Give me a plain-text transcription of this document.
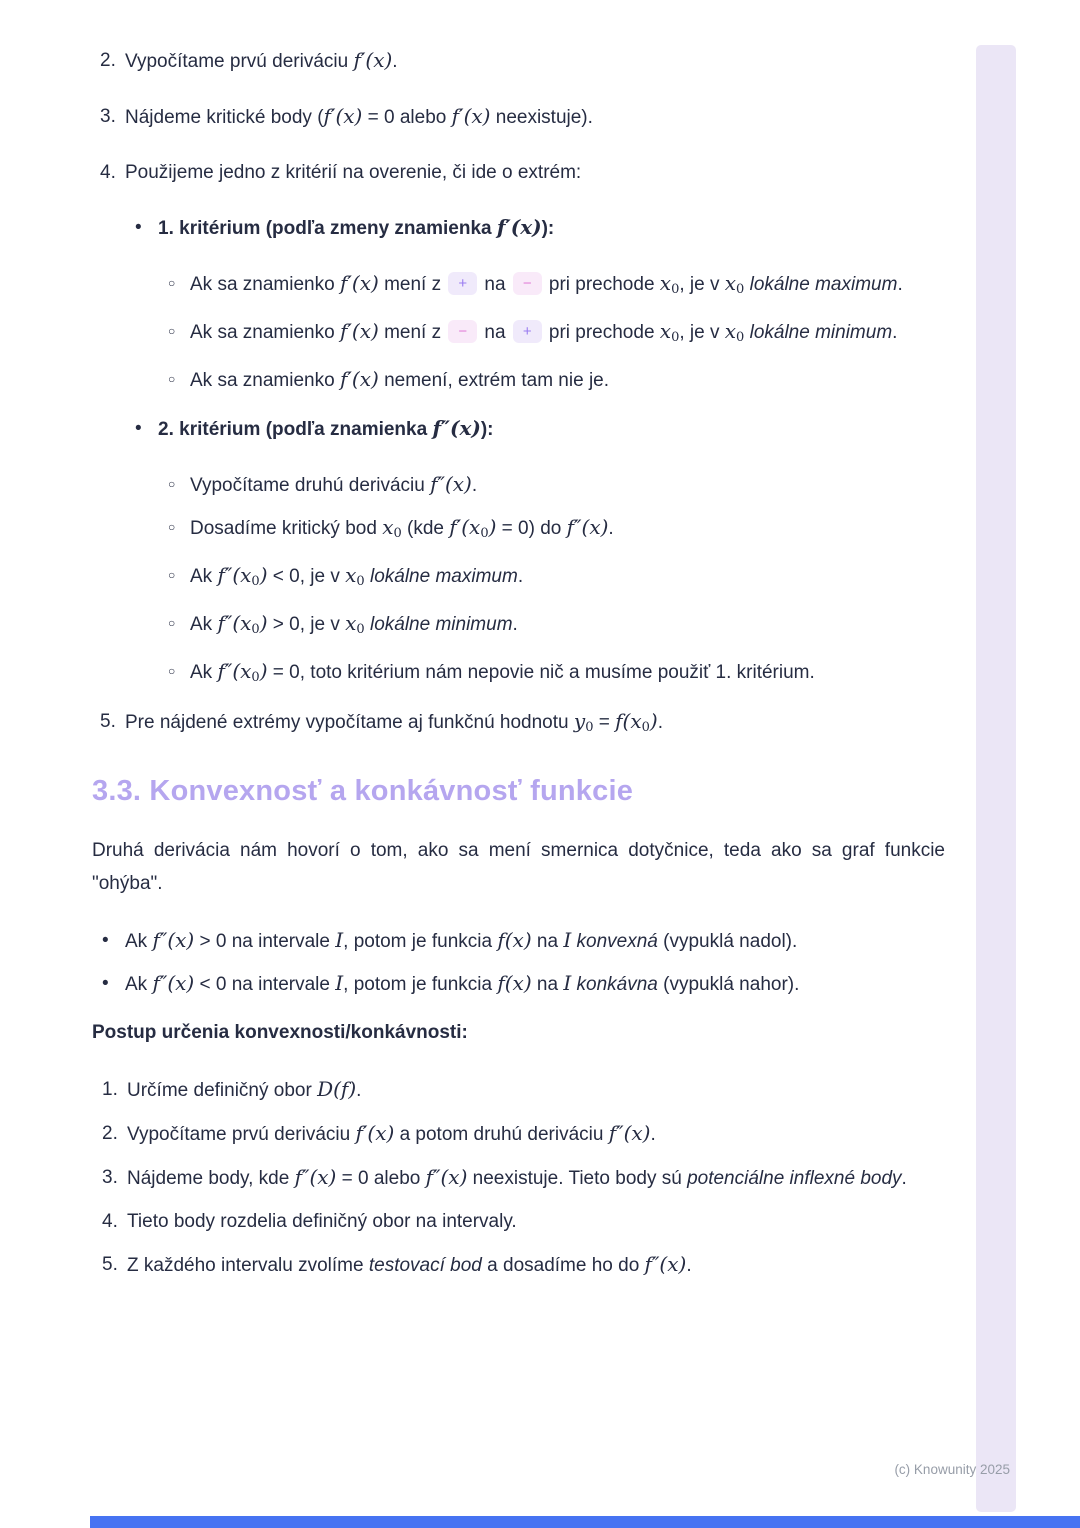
2. Vypočítame prvú deriváciu f′(x).
3. Nájdeme kritické body (f′(x) = 0 alebo f′(x) neexistuje).
4. Použijeme jedno z kritérií na overenie, či ide o extrém:
• 1. kritérium (podľa zmeny znamienka f′(x)):
○ Ak sa znamienko f′(x) mení z + na − pri prechode x0, je v x0 lokálne maximum.
○ Ak sa znamienko f′(x) mení z − na + pri prechode x0, je v x0 lokálne minimum.
○ Ak sa znamienko f′(x) nemení, extrém tam nie je.
• 2. kritérium (podľa znamienka f″(x)):
○ Vypočítame druhú deriváciu f″(x).
○ Dosadíme kritický bod x0 (kde f′(x0) = 0) do f″(x).
○ Ak f″(x0) < 0, je v x0 lokálne maximum.
○ Ak f″(x0) > 0, je v x0 lokálne minimum.
○ Ak f″(x0) = 0, toto kritérium nám nepovie nič a musíme použiť 1. kritérium.
5. Pre nájdené extrémy vypočítame aj funkčnú hodnotu y0 = f(x0).
3.3. Konvexnosť a konkávnosť funkcie
Druhá derivácia nám hovorí o tom, ako sa mení smernica dotyčnice, teda ako sa graf funkcie "ohýba".
• Ak f″(x) > 0 na intervale I, potom je funkcia f(x) na I konvexná (vypuklá nadol).
• Ak f″(x) < 0 na intervale I, potom je funkcia f(x) na I konkávna (vypuklá nahor).
Postup určenia konvexnosti/konkávnosti:
1. Určíme definičný obor D(f).
2. Vypočítame prvú deriváciu f′(x) a potom druhú deriváciu f″(x).
3. Nájdeme body, kde f″(x) = 0 alebo f″(x) neexistuje. Tieto body sú potenciálne inflexné body.
4. Tieto body rozdelia definičný obor na intervaly.
5. Z každého intervalu zvolíme testovací bod a dosadíme ho do f″(x).
(c) Knowunity 2025
